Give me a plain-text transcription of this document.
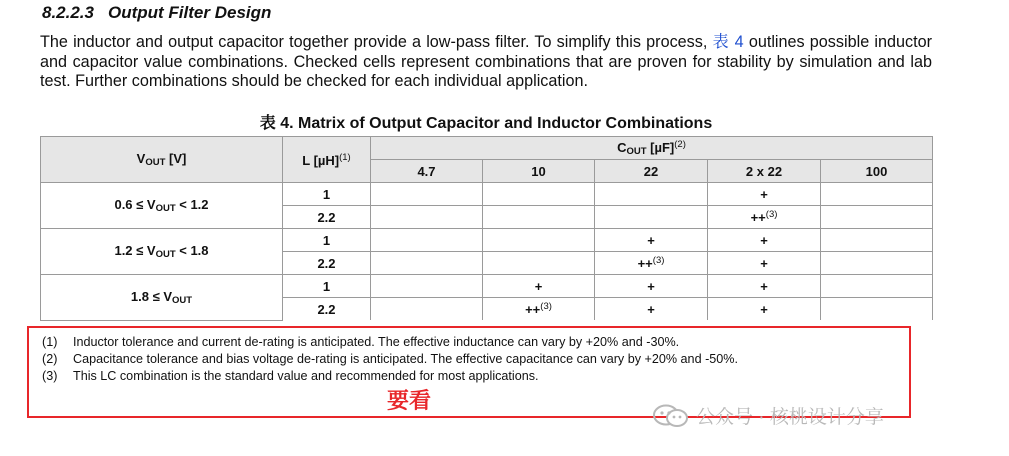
8.2.2.3 Output Filter Design
The inductor and output capacitor together provide a low-pass filter. To simplify this process, 表 4 outlines possible inductor and capacitor value combinations. Checked cells represent combinations that are proven for stability by simulation and lab test. Further combinations should be checked for each individual application.
表 4. Matrix of Output Capacitor and Inductor Combinations
$V_{OUT}$ [V]	L $[\mu H]^{(1)}$	$C_{OUT}$ $[\mu F]^{(2)}$
		4.7	10	22	2 x 22	100
$0.6 \le V_{OUT} < 1.2$	1				+	
	2.2				++$^{(3)}$	
$1.2 \le V_{OUT} < 1.8$	1			+	+	
	2.2			++$^{(3)}$	+	
$1.8 \le V_{OUT}$	1		+	+	+	
	2.2		++$^{(3)}$	+	+	
(1) Inductor tolerance and current de-rating is anticipated. The effective inductance can vary by +20% and -30%.
(2) Capacitance tolerance and bias voltage de-rating is anticipated. The effective capacitance can vary by +20% and -50%.
(3) This LC combination is the standard value and recommended for most applications.
要看
公众号 · 核桃设计分享
